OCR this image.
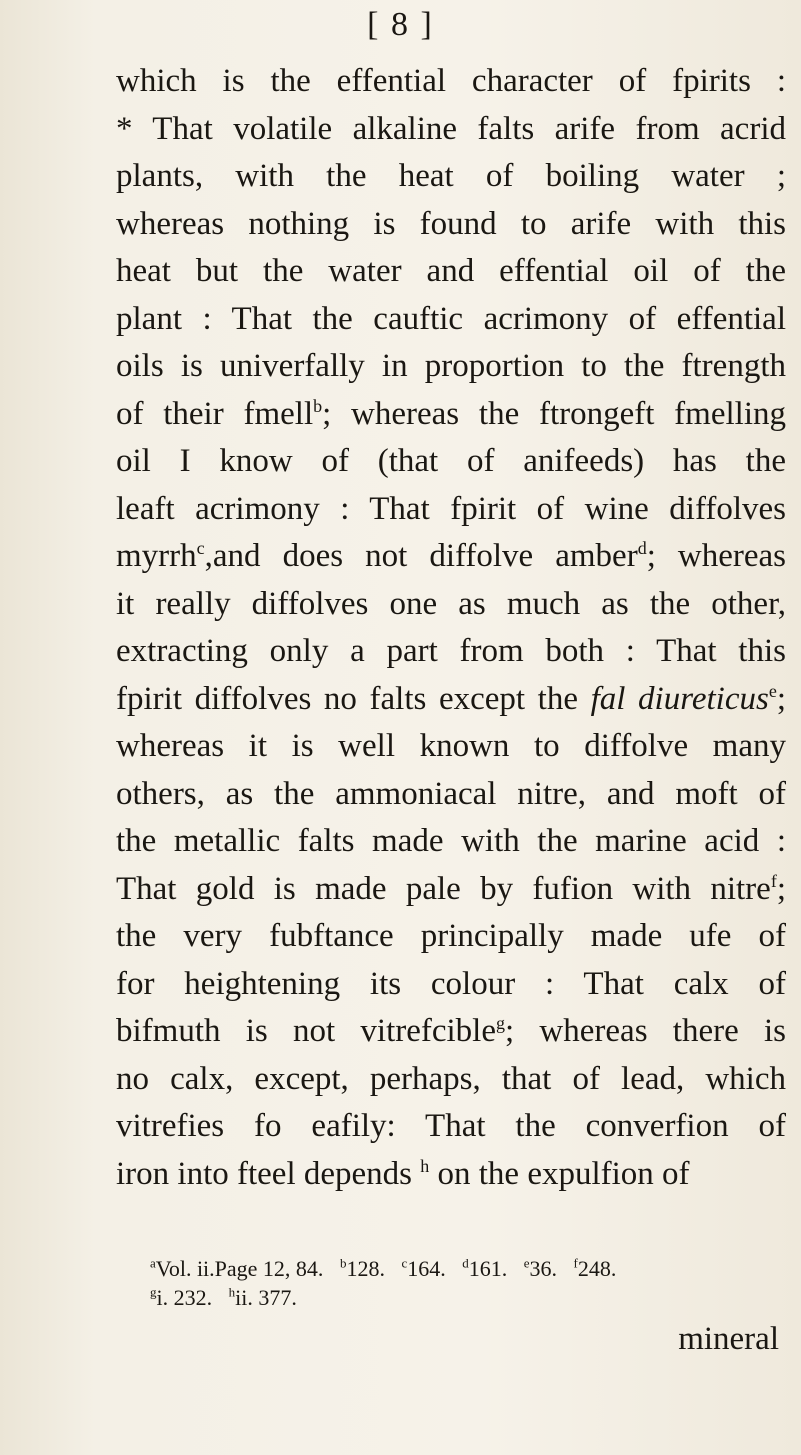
[ 8 ]
which is the effential character of fpirits :
* That volatile alkaline falts arife from acrid
plants, with the heat of boiling water ;
whereas nothing is found to arife with this
heat but the water and effential oil of the
plant : That the cauftic acrimony of effential
oils is univerfally in proportion to the ftrength
of their fmell$^b$; whereas the ftrongeft fmelling
oil I know of (that of anifeeds) has the
leaft acrimony : That fpirit of wine diffolves
myrrh$^c$,and does not diffolve amber$^d$; whereas
it really diffolves one as much as the other,
extracting only a part from both : That this
fpirit diffolves no falts except the fal diureticus$^e$;
whereas it is well known to diffolve many
others, as the ammoniacal nitre, and moft of
the metallic falts made with the marine acid :
That gold is made pale by fufion with nitre$^f$;
the very fubftance principally made ufe of
for heightening its colour : That calx of
bifmuth is not vitrefcible$^g$; whereas there is
no calx, except, perhaps, that of lead, which
vitrefies fo eafily: That the converfion of
iron into fteel depends $^h$ on the expulfion of
$^a$Vol. ii.Page 12, 84. $^b$128. $^c$164. $^d$161. $^e$36. $^f$248.
$^g$i. 232. $^h$ii. 377.
mineral
